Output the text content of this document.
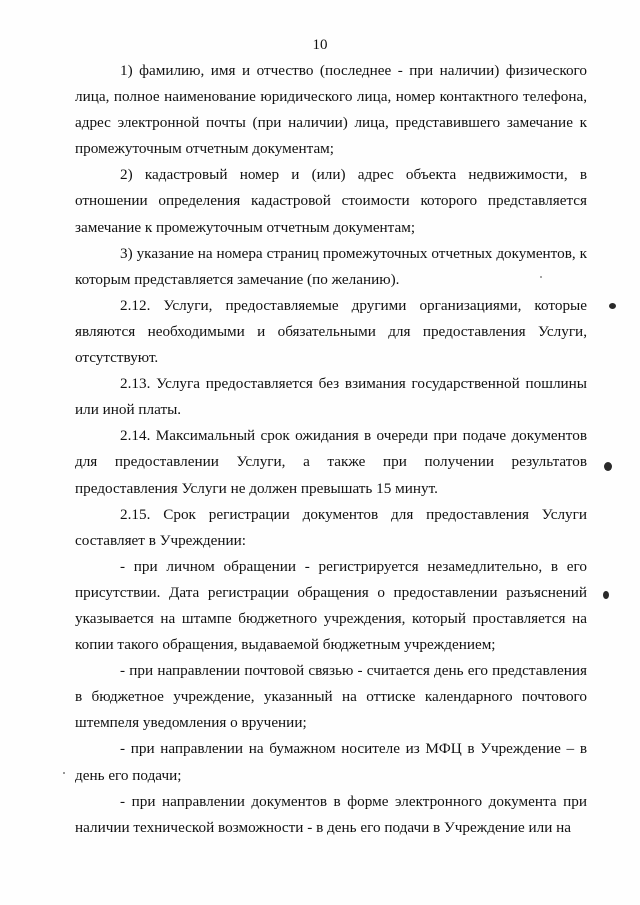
10

1) фамилию, имя и отчество (последнее - при наличии) физического лица, полное наименование юридического лица, номер контактного телефона, адрес электронной почты (при наличии) лица, представившего замечание к промежуточным отчетным документам;

2) кадастровый номер и (или) адрес объекта недвижимости, в отношении определения кадастровой стоимости которого представляется замечание к промежуточным отчетным документам;

3) указание на номера страниц промежуточных отчетных документов, к которым представляется замечание (по желанию).

2.12. Услуги, предоставляемые другими организациями, которые являются необходимыми и обязательными для предоставления Услуги, отсутствуют.

2.13. Услуга предоставляется без взимания государственной пошлины или иной платы.

2.14. Максимальный срок ожидания в очереди при подаче документов для предоставлении Услуги, а также при получении результатов предоставления Услуги не должен превышать 15 минут.

2.15. Срок регистрации документов для предоставления Услуги составляет в Учреждении:

- при личном обращении - регистрируется незамедлительно, в его присутствии. Дата регистрации обращения о предоставлении разъяснений указывается на штампе бюджетного учреждения, который проставляется на копии такого обращения, выдаваемой бюджетным учреждением;

- при направлении почтовой связью - считается день его представления в бюджетное учреждение, указанный на оттиске календарного почтового штемпеля уведомления о вручении;

- при направлении на бумажном носителе из МФЦ в Учреждение – в день его подачи;

- при направлении документов в форме электронного документа при наличии технической возможности - в день его подачи в Учреждение или на
